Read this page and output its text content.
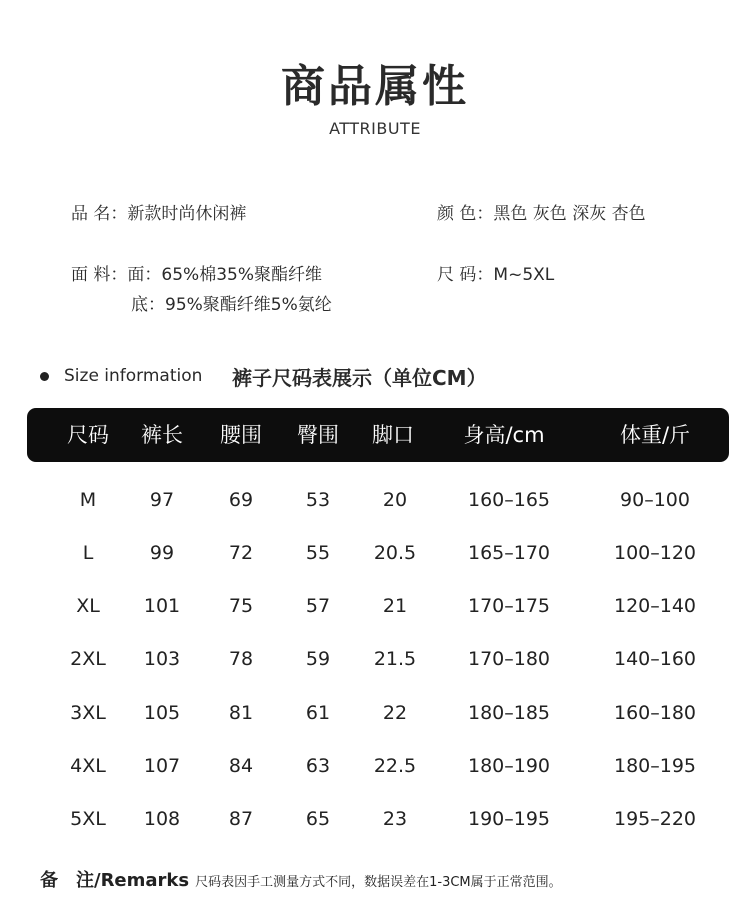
商品属性
ATTRIBUTE
品 名：新款时尚休闲裤	颜 色：黑色 灰色 深灰 杏色
面 料：面：65%棉35%聚酯纤维
底：95%聚酯纤维5%氨纶
尺 码：M~5XL
Size information 裤子尺码表展示（单位CM）
尺码	裤长	腰围	臀围	脚口	身高/cm	体重/斤
M	97	69	53	20	160–165	90–100
L	99	72	55	20.5	165–170	100–120
XL	101	75	57	21	170–175	120–140
2XL	103	78	59	21.5	170–180	140–160
3XL	105	81	61	22	180–185	160–180
4XL	107	84	63	22.5	180–190	180–195
5XL	108	87	65	23	190–195	195–220
备　注/Remarks 尺码表因手工测量方式不同，数据误差在1-3CM属于正常范围。
